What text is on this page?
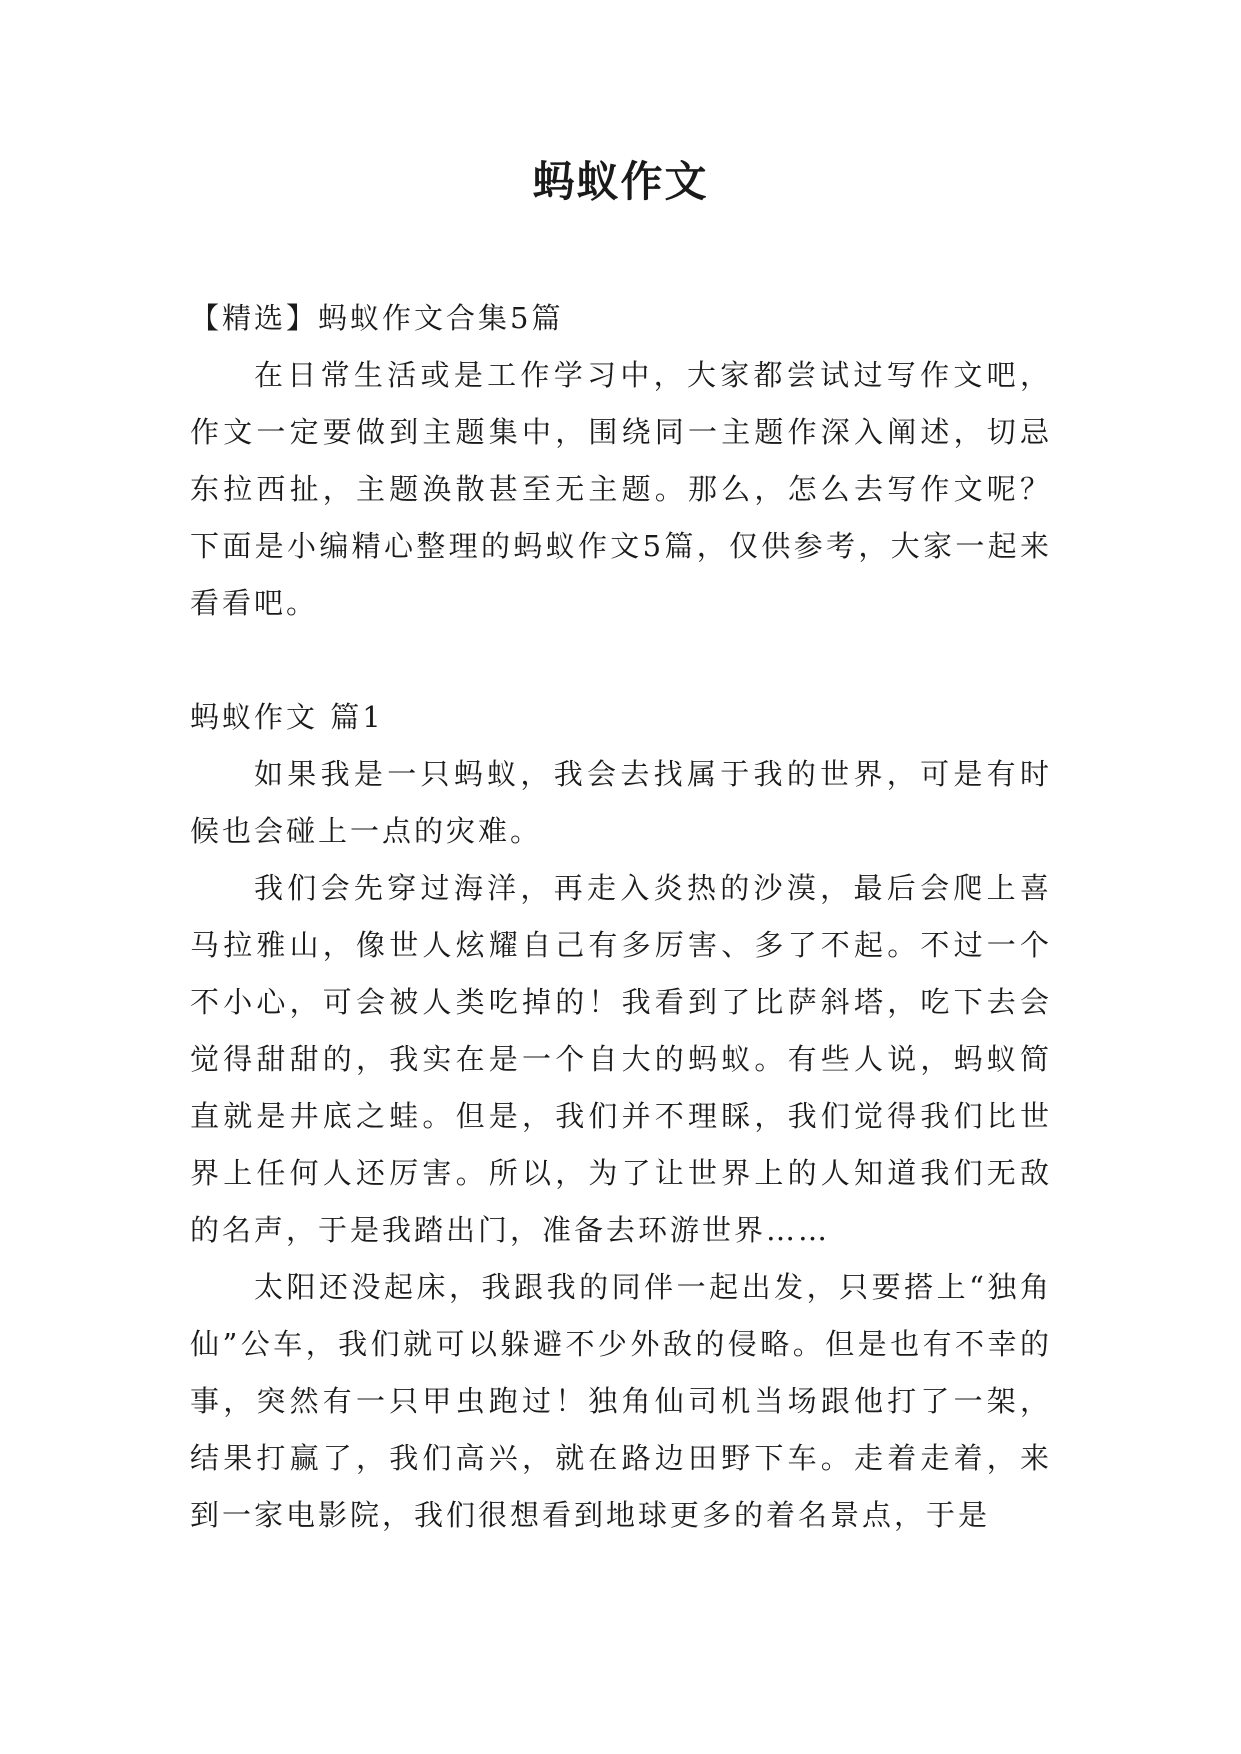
蚂蚁作文

【精选】蚂蚁作文合集5篇

在日常生活或是工作学习中，大家都尝试过写作文吧，作文一定要做到主题集中，围绕同一主题作深入阐述，切忌东拉西扯，主题涣散甚至无主题。那么，怎么去写作文呢？下面是小编精心整理的蚂蚁作文5篇，仅供参考，大家一起来看看吧。

蚂蚁作文 篇1

如果我是一只蚂蚁，我会去找属于我的世界，可是有时候也会碰上一点的灾难。

我们会先穿过海洋，再走入炎热的沙漠，最后会爬上喜马拉雅山，像世人炫耀自己有多厉害、多了不起。不过一个不小心，可会被人类吃掉的！我看到了比萨斜塔，吃下去会觉得甜甜的，我实在是一个自大的蚂蚁。有些人说，蚂蚁简直就是井底之蛙。但是，我们并不理睬，我们觉得我们比世界上任何人还厉害。所以，为了让世界上的人知道我们无敌的名声，于是我踏出门，准备去环游世界……

太阳还没起床，我跟我的同伴一起出发，只要搭上“独角仙”公车，我们就可以躲避不少外敌的侵略。但是也有不幸的事，突然有一只甲虫跑过！独角仙司机当场跟他打了一架，结果打赢了，我们高兴，就在路边田野下车。走着走着，来到一家电影院，我们很想看到地球更多的着名景点，于是
